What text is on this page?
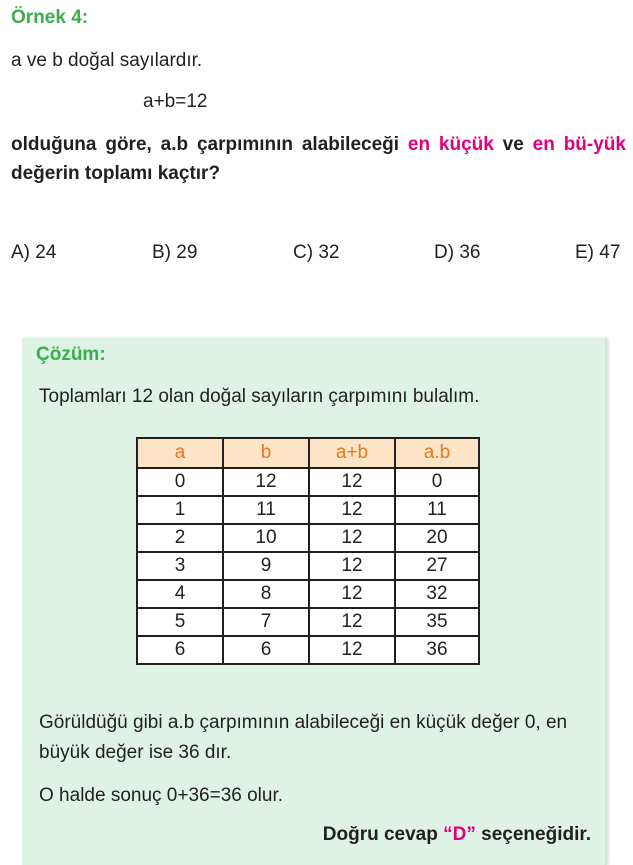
Örnek 4:
a ve b doğal sayılardır.
a+b=12
olduğuna göre, a.b çarpımının alabileceği en küçük ve en bü-yük değerin toplamı kaçtır?
A) 24	B) 29	C) 32	D) 36	E) 47
Çözüm:
Toplamları 12 olan doğal sayıların çarpımını bulalım.
a	b	a+b	a.b
0	12	12	0
1	11	12	11
2	10	12	20
3	9	12	27
4	8	12	32
5	7	12	35
6	6	12	36
Görüldüğü gibi a.b çarpımının alabileceği en küçük değer 0, en büyük değer ise 36 dır.
O halde sonuç 0+36=36 olur.
Doğru cevap “D” seçeneğidir.
